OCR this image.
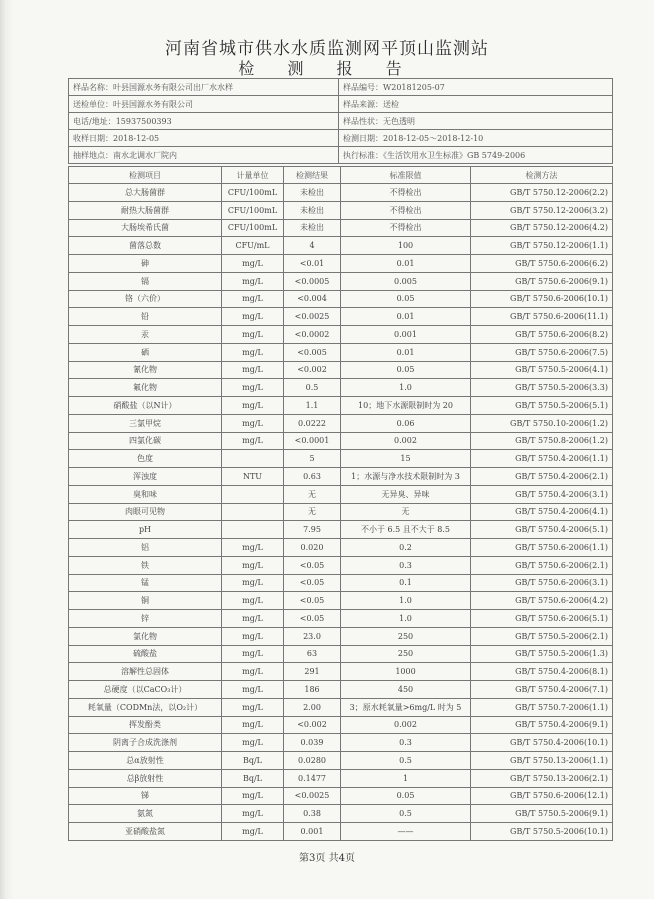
河南省城市供水水质监测网平顶山监测站
检 测 报 告
样品名称：叶县国源水务有限公司出厂水水样	样品编号：W20181205-07
送检单位：叶县国源水务有限公司	样品来源：送检
电话/地址：15937500393	样品性状：无色透明
收样日期：2018-12-05	检测日期：2018-12-05～2018-12-10
抽样地点：南水北调水厂院内	执行标准：《生活饮用水卫生标准》GB 5749-2006
检测项目	计量单位	检测结果	标准限值	检测方法
总大肠菌群	CFU/100mL	未检出	不得检出	GB/T 5750.12-2006(2.2)
耐热大肠菌群	CFU/100mL	未检出	不得检出	GB/T 5750.12-2006(3.2)
大肠埃希氏菌	CFU/100mL	未检出	不得检出	GB/T 5750.12-2006(4.2)
菌落总数	CFU/mL	4	100	GB/T 5750.12-2006(1.1)
砷	mg/L	<0.01	0.01	GB/T 5750.6-2006(6.2)
镉	mg/L	<0.0005	0.005	GB/T 5750.6-2006(9.1)
铬（六价）	mg/L	<0.004	0.05	GB/T 5750.6-2006(10.1)
铅	mg/L	<0.0025	0.01	GB/T 5750.6-2006(11.1)
汞	mg/L	<0.0002	0.001	GB/T 5750.6-2006(8.2)
硒	mg/L	<0.005	0.01	GB/T 5750.6-2006(7.5)
氰化物	mg/L	<0.002	0.05	GB/T 5750.5-2006(4.1)
氟化物	mg/L	0.5	1.0	GB/T 5750.5-2006(3.3)
硝酸盐（以N计）	mg/L	1.1	10；地下水源限制时为 20	GB/T 5750.5-2006(5.1)
三氯甲烷	mg/L	0.0222	0.06	GB/T 5750.10-2006(1.2)
四氯化碳	mg/L	<0.0001	0.002	GB/T 5750.8-2006(1.2)
色度		5	15	GB/T 5750.4-2006(1.1)
浑浊度	NTU	0.63	1；水源与净水技术限制时为 3	GB/T 5750.4-2006(2.1)
臭和味		无	无异臭、异味	GB/T 5750.4-2006(3.1)
肉眼可见物		无	无	GB/T 5750.4-2006(4.1)
pH		7.95	不小于 6.5 且不大于 8.5	GB/T 5750.4-2006(5.1)
铝	mg/L	0.020	0.2	GB/T 5750.6-2006(1.1)
铁	mg/L	<0.05	0.3	GB/T 5750.6-2006(2.1)
锰	mg/L	<0.05	0.1	GB/T 5750.6-2006(3.1)
铜	mg/L	<0.05	1.0	GB/T 5750.6-2006(4.2)
锌	mg/L	<0.05	1.0	GB/T 5750.6-2006(5.1)
氯化物	mg/L	23.0	250	GB/T 5750.5-2006(2.1)
硫酸盐	mg/L	63	250	GB/T 5750.5-2006(1.3)
溶解性总固体	mg/L	291	1000	GB/T 5750.4-2006(8.1)
总硬度（以CaCO₃计）	mg/L	186	450	GB/T 5750.4-2006(7.1)
耗氧量（CODMn法，以O₂计）	mg/L	2.00	3；原水耗氧量>6mg/L 时为 5	GB/T 5750.7-2006(1.1)
挥发酚类	mg/L	<0.002	0.002	GB/T 5750.4-2006(9.1)
阴离子合成洗涤剂	mg/L	0.039	0.3	GB/T 5750.4-2006(10.1)
总α放射性	Bq/L	0.0280	0.5	GB/T 5750.13-2006(1.1)
总β放射性	Bq/L	0.1477	1	GB/T 5750.13-2006(2.1)
锑	mg/L	<0.0025	0.05	GB/T 5750.6-2006(12.1)
氨氮	mg/L	0.38	0.5	GB/T 5750.5-2006(9.1)
亚硝酸盐氮	mg/L	0.001	——	GB/T 5750.5-2006(10.1)
第3页 共4页
